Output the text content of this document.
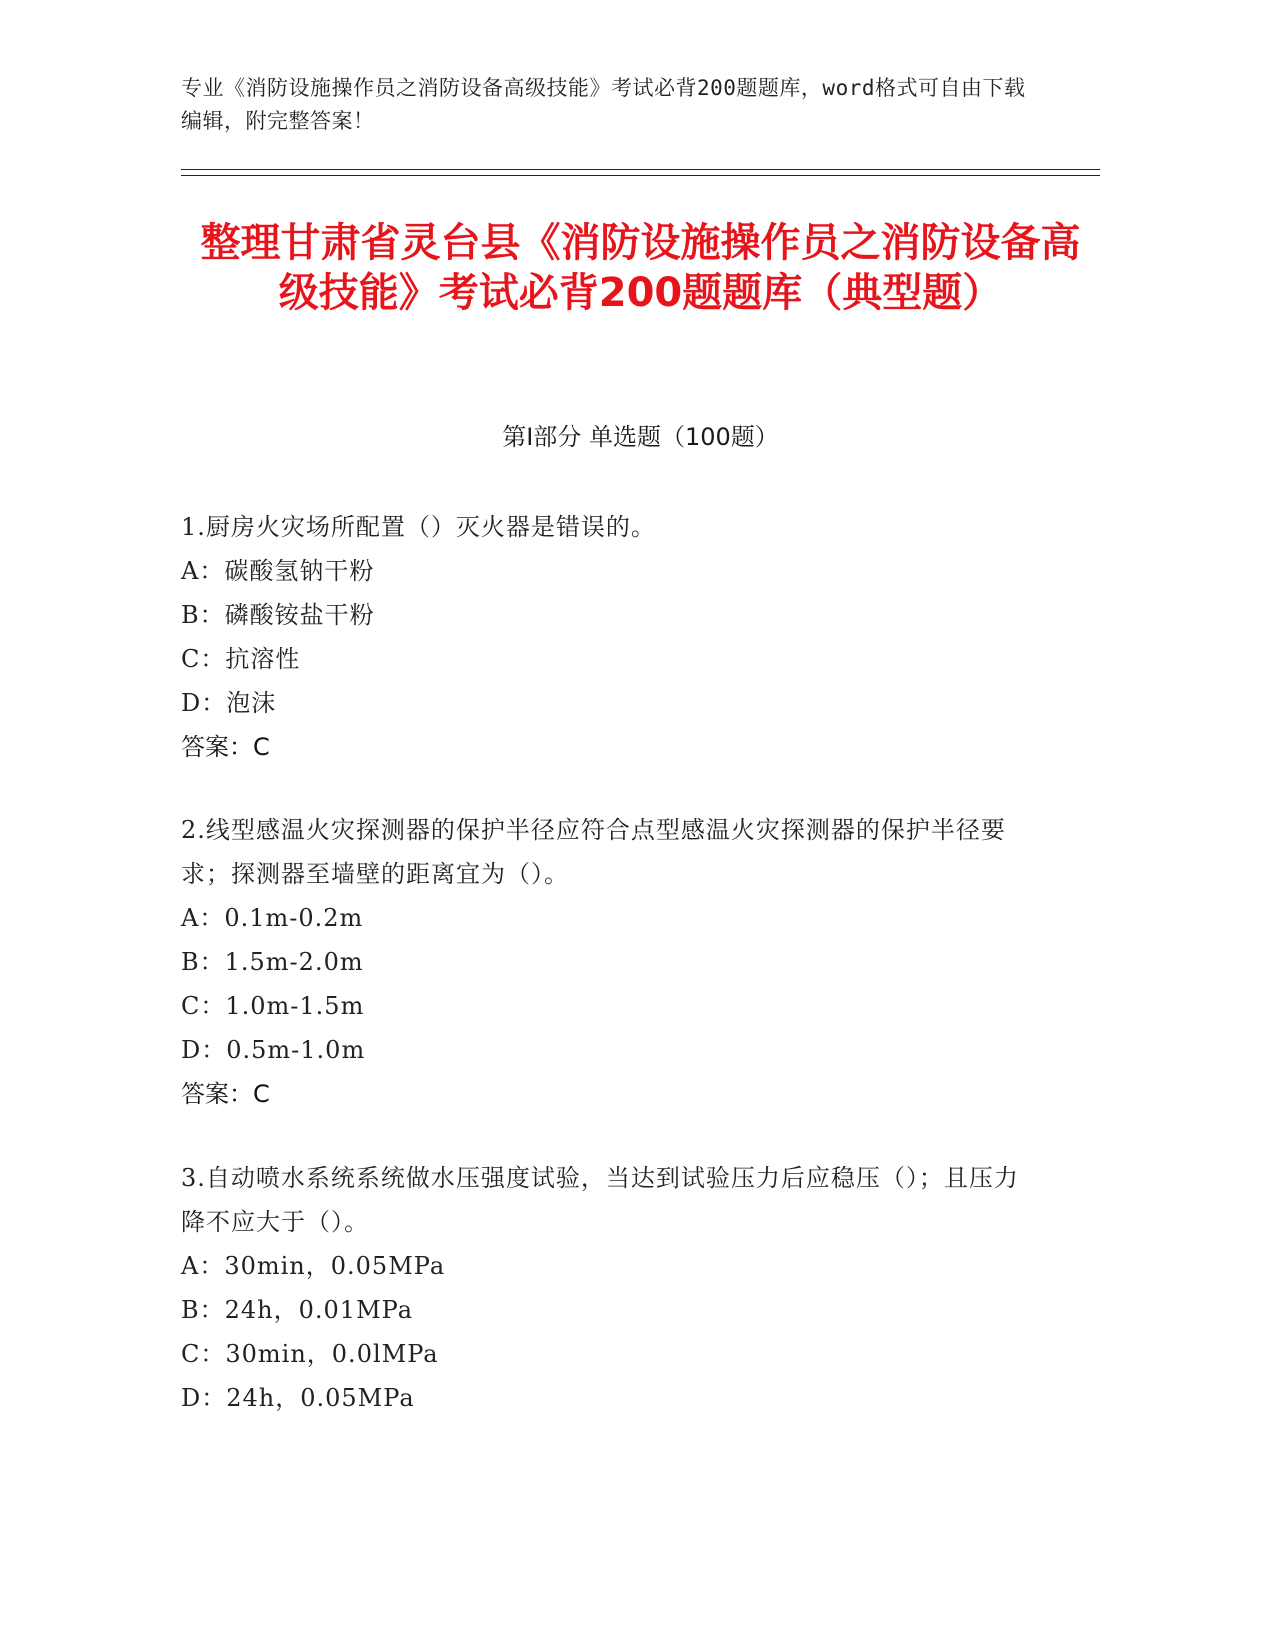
专业《消防设施操作员之消防设备高级技能》考试必背200题题库，word格式可自由下载编辑，附完整答案！
整理甘肃省灵台县《消防设施操作员之消防设备高级技能》考试必背200题题库（典型题）
第I部分 单选题（100题）
1.厨房火灾场所配置（）灭火器是错误的。
A：碳酸氢钠干粉
B：磷酸铵盐干粉
C：抗溶性
D：泡沫
答案：C
2.线型感温火灾探测器的保护半径应符合点型感温火灾探测器的保护半径要求；探测器至墙壁的距离宜为（）。
A：0.1m-0.2m
B：1.5m-2.0m
C：1.0m-1.5m
D：0.5m-1.0m
答案：C
3.自动喷水系统系统做水压强度试验，当达到试验压力后应稳压（）；且压力降不应大于（）。
A：30min，0.05MPa
B：24h，0.01MPa
C：30min，0.0lMPa
D：24h，0.05MPa
